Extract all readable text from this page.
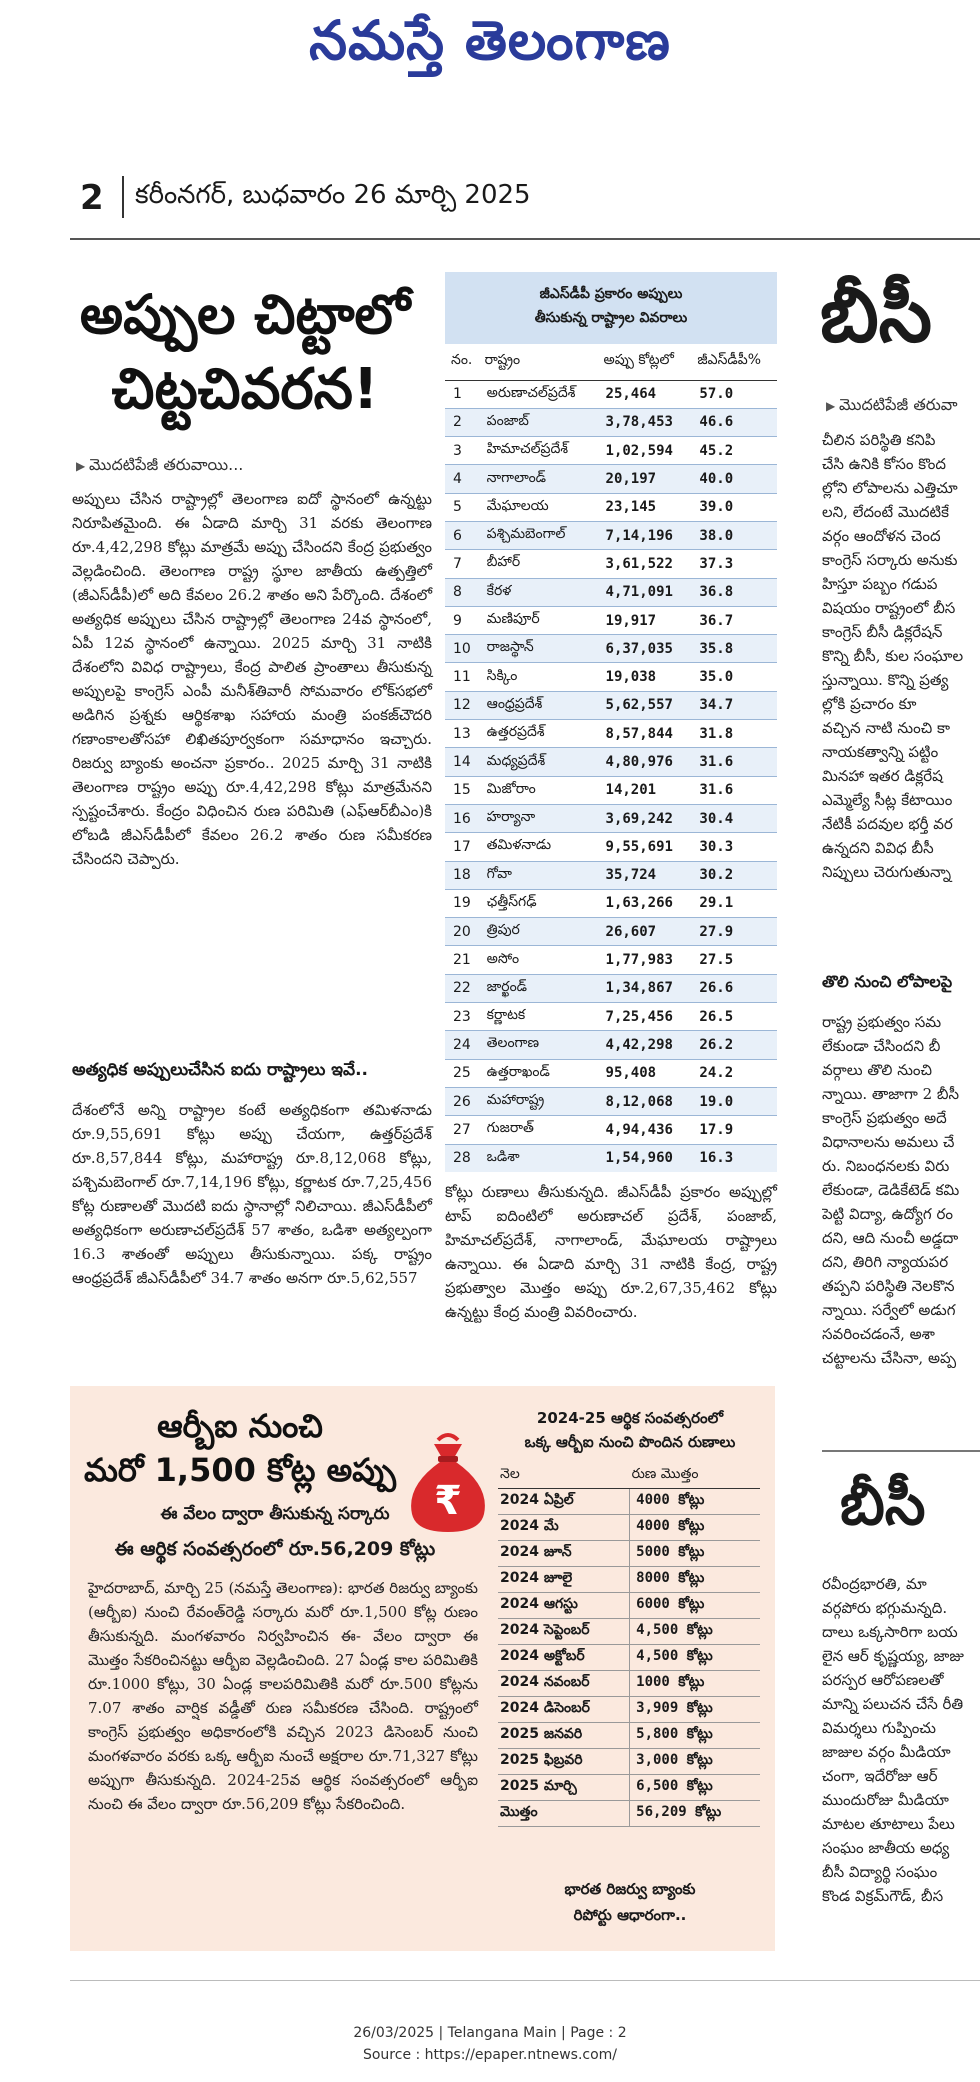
నమస్తే తెలంగాణ
2 కరీంనగర్, బుధవారం 26 మార్చి 2025
అప్పుల చిట్టాలో
చిట్టచివరన!
▶ మొదటిపేజీ తరువాయి...
అప్పులు చేసిన రాష్ట్రాల్లో తెలంగాణ ఐదో స్థానంలో ఉన్నట్టు నిరూపితమైంది. ఈ ఏడాది మార్చి 31 వరకు తెలంగాణ రూ.4,42,298 కోట్లు మాత్రమే అప్పు చేసిందని కేంద్ర ప్రభుత్వం వెల్లడించింది. తెలంగాణ రాష్ట్ర స్థూల జాతీయ ఉత్పత్తిలో (జీఎస్‌డీపీ)లో అది కేవలం 26.2 శాతం అని పేర్కొంది. దేశంలో అత్యధిక అప్పులు చేసిన రాష్ట్రాల్లో తెలంగాణ 24వ స్థానంలో, ఏపీ 12వ స్థానంలో ఉన్నాయి. 2025 మార్చి 31 నాటికి దేశంలోని వివిధ రాష్ట్రాలు, కేంద్ర పాలిత ప్రాంతాలు తీసుకున్న అప్పులపై కాంగ్రెస్ ఎంపీ మనీశ్‌తివారీ సోమవారం లోక్‌సభలో అడిగిన ప్రశ్నకు ఆర్థికశాఖ సహాయ మంత్రి పంకజ్‌చౌదరి గణాంకాలతోసహా లిఖితపూర్వకంగా సమాధానం ఇచ్చారు. రిజర్వు బ్యాంకు అంచనా ప్రకారం.. 2025 మార్చి 31 నాటికి తెలంగాణ రాష్ట్రం అప్పు రూ.4,42,298 కోట్లు మాత్రమేనని స్పష్టంచేశారు. కేంద్రం విధించిన రుణ పరిమితి (ఎఫ్‌ఆర్‌బీఎం)కి లోబడి జీఎస్‌డీపీలో కేవలం 26.2 శాతం రుణ సమీకరణ చేసిందని చెప్పారు.
అత్యధిక అప్పులుచేసిన ఐదు రాష్ట్రాలు ఇవే..
దేశంలోనే అన్ని రాష్ట్రాల కంటే అత్యధికంగా తమిళనాడు రూ.9,55,691 కోట్లు అప్పు చేయగా, ఉత్తర్‌ప్రదేశ్ రూ.8,57,844 కోట్లు, మహారాష్ట్ర రూ.8,12,068 కోట్లు, పశ్చిమబెంగాల్ రూ.7,14,196 కోట్లు, కర్ణాటక రూ.7,25,456 కోట్ల రుణాలతో మొదటి ఐదు స్థానాల్లో నిలిచాయి. జీఎస్‌డీపీలో అత్యధికంగా అరుణాచల్‌ప్రదేశ్ 57 శాతం, ఒడిశా అత్యల్పంగా 16.3 శాతంతో అప్పులు తీసుకున్నాయి. పక్క రాష్ట్రం ఆంధ్రప్రదేశ్ జీఎస్‌డీపీలో 34.7 శాతం అనగా రూ.5,62,557
జీఎస్‌డీపీ ప్రకారం అప్పులు
తీసుకున్న రాష్ట్రాల వివరాలు
నం.	రాష్ట్రం	అప్పు కోట్లలో	జీఎస్‌డీపీ%
1	అరుణాచల్‌ప్రదేశ్	25,464	57.0
2	పంజాబ్	3,78,453	46.6
3	హిమాచల్‌ప్రదేశ్	1,02,594	45.2
4	నాగాలాండ్	20,197	40.0
5	మేఘాలయ	23,145	39.0
6	పశ్చిమబెంగాల్	7,14,196	38.0
7	బీహార్	3,61,522	37.3
8	కేరళ	4,71,091	36.8
9	మణిపూర్	19,917	36.7
10	రాజస్థాన్	6,37,035	35.8
11	సిక్కిం	19,038	35.0
12	ఆంధ్రప్రదేశ్	5,62,557	34.7
13	ఉత్తరప్రదేశ్	8,57,844	31.8
14	మధ్యప్రదేశ్	4,80,976	31.6
15	మిజోరాం	14,201	31.6
16	హర్యానా	3,69,242	30.4
17	తమిళనాడు	9,55,691	30.3
18	గోవా	35,724	30.2
19	ఛత్తీస్‌గఢ్	1,63,266	29.1
20	త్రిపుర	26,607	27.9
21	అసోం	1,77,983	27.5
22	జార్ఖండ్	1,34,867	26.6
23	కర్ణాటక	7,25,456	26.5
24	తెలంగాణ	4,42,298	26.2
25	ఉత్తరాఖండ్	95,408	24.2
26	మహారాష్ట్ర	8,12,068	19.0
27	గుజరాత్	4,94,436	17.9
28	ఒడిశా	1,54,960	16.3
కోట్లు రుణాలు తీసుకున్నది. జీఎస్‌డీపీ ప్రకారం అప్పుల్లో టాప్ ఐదింటిలో అరుణాచల్ ప్రదేశ్, పంజాబ్, హిమాచల్‌ప్రదేశ్, నాగాలాండ్, మేఘాలయ రాష్ట్రాలు ఉన్నాయి. ఈ ఏడాది మార్చి 31 నాటికి కేంద్ర, రాష్ట్ర ప్రభుత్వాల మొత్తం అప్పు రూ.2,67,35,462 కోట్లు ఉన్నట్టు కేంద్ర మంత్రి వివరించారు.
బీసీ
▶ మొదటిపేజీ తరువా
చీలిన పరిస్థితి కనిపి
చేసి ఉనికి కోసం కొంద
ల్లోని లోపాలను ఎత్తిచూ
లని, లేదంటే మొదటికే
వర్గం ఆందోళన చెంద
కాంగ్రెస్ సర్కారు అనుకు
హిస్తూ పబ్బం గడుప
విషయం రాష్ట్రంలో బీస
కాంగ్రెస్ బీసీ డిక్లరేషన్
కొన్ని బీసీ, కుల సంఘాల
స్తున్నాయి. కొన్ని ప్రత్య
ల్లోకి ప్రచారం కూ
వచ్చిన నాటి నుంచి కా
నాయకత్వాన్ని పట్టిం
మినహా ఇతర డిక్లరేష
ఎమ్మెల్యే సీట్ల కేటాయిం
నేటికీ పదవుల భర్తీ వర
ఉన్నదని వివిధ బీసీ
నిప్పులు చెరుగుతున్నా
తొలి నుంచి లోపాలపై
రాష్ట్ర ప్రభుత్వం సమ
లేకుండా చేసిందని బీ
వర్గాలు తొలి నుంచి
న్నాయి. తాజాగా 2 బీసీ
కాంగ్రెస్ ప్రభుత్వం అదే
విధానాలను అమలు చే
రు. నిబంధనలకు విరు
లేకుండా, డెడికేటెడ్ కమి
పెట్టి విద్యా, ఉద్యోగ రం
దని, ఆది నుంచీ అడ్డదా
దని, తిరిగి న్యాయపర
తప్పని పరిస్థితి నెలకొన
న్నాయి. సర్వేలో అడుగ
సవరించడంనే, అశా
చట్టాలను చేసినా, అప్ప
బీసీ
రవీంద్రభారతి, మా
వర్గపోరు భగ్గుమన్నది.
దాలు ఒక్కసారిగా బయ
లైన ఆర్ కృష్ణయ్య, జాజు
పరస్పర ఆరోపణలతో
మాన్ని పలుచన చేసే రీతి
విమర్శలు గుప్పించు
జాజుల వర్గం మీడియా
చంగా, ఇదేరోజు ఆర్
ముందురోజు మీడియా
మాటల తూటాలు పేలు
సంఘం జాతీయ అధ్య
బీసీ విద్యార్థి సంఘం
కొండ విక్రమ్‌గౌడ్, బీస
ఆర్బీఐ నుంచి
మరో 1,500 కోట్ల అప్పు
₹
ఈ వేలం ద్వారా తీసుకున్న సర్కారు
ఈ ఆర్థిక సంవత్సరంలో రూ.56,209 కోట్లు
హైదరాబాద్, మార్చి 25 (నమస్తే తెలంగాణ): భారత రిజర్వు బ్యాంకు (ఆర్బీఐ) నుంచి రేవంత్‌రెడ్డి సర్కారు మరో రూ.1,500 కోట్ల రుణం తీసుకున్నది. మంగళవారం నిర్వహించిన ఈ- వేలం ద్వారా ఈ మొత్తం సేకరించినట్టు ఆర్బీఐ వెల్లడించింది. 27 ఏండ్ల కాల పరిమితికి రూ.1000 కోట్లు, 30 ఏండ్ల కాలపరిమితికి మరో రూ.500 కోట్లను 7.07 శాతం వార్షిక వడ్డీతో రుణ సమీకరణ చేసింది. రాష్ట్రంలో కాంగ్రెస్ ప్రభుత్వం అధికారంలోకి వచ్చిన 2023 డిసెంబర్ నుంచి మంగళవారం వరకు ఒక్క ఆర్బీఐ నుంచే అక్షరాల రూ.71,327 కోట్లు అప్పుగా తీసుకున్నది. 2024-25వ ఆర్థిక సంవత్సరంలో ఆర్బీఐ నుంచి ఈ వేలం ద్వారా రూ.56,209 కోట్లు సేకరించింది.
2024-25 ఆర్థిక సంవత్సరంలో
ఒక్క ఆర్బీఐ నుంచి పొందిన రుణాలు
నెల	రుణ మొత్తం
2024 ఏప్రిల్	4000 కోట్లు
2024 మే	4000 కోట్లు
2024 జూన్	5000 కోట్లు
2024 జూలై	8000 కోట్లు
2024 ఆగస్టు	6000 కోట్లు
2024 సెప్టెంబర్	4,500 కోట్లు
2024 అక్టోబర్	4,500 కోట్లు
2024 నవంబర్	1000 కోట్లు
2024 డిసెంబర్	3,909 కోట్లు
2025 జనవరి	5,800 కోట్లు
2025 ఫిబ్రవరి	3,000 కోట్లు
2025 మార్చి	6,500 కోట్లు
మొత్తం	56,209 కోట్లు
భారత రిజర్వు బ్యాంకు
రిపోర్టు ఆధారంగా..
26/03/2025 | Telangana Main | Page : 2
Source : https://epaper.ntnews.com/
